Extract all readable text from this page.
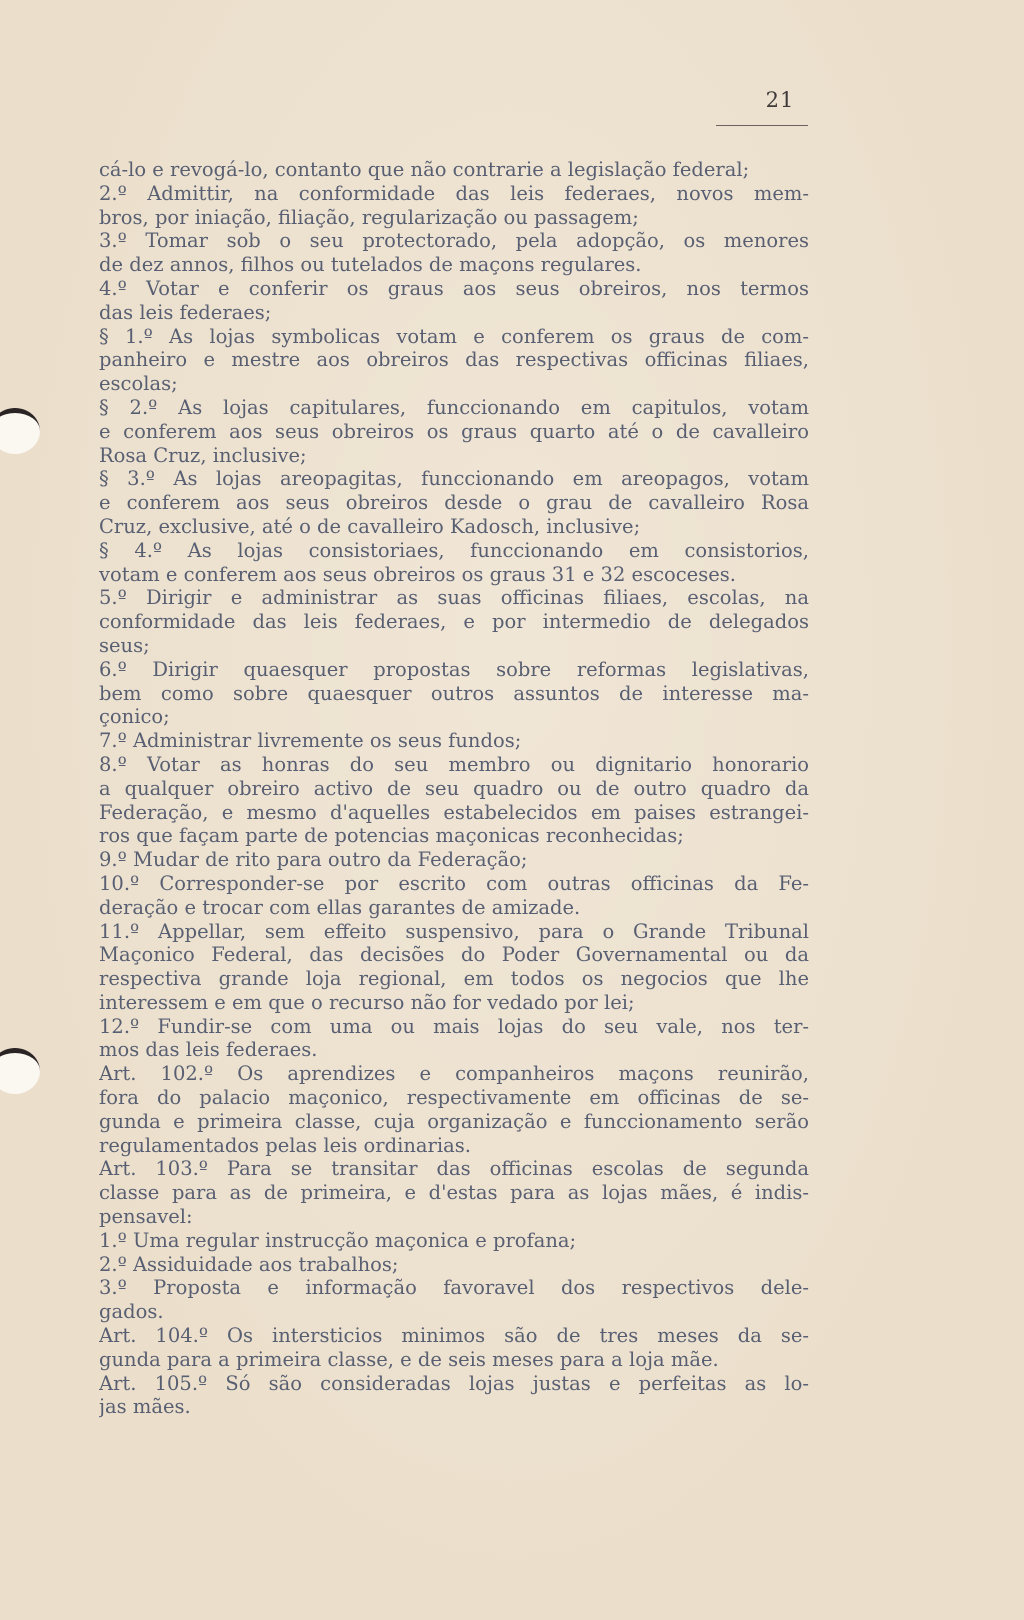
21
cá-lo e revogá-lo, contanto que não contrarie a legislação federal;
2.º Admittir, na conformidade das leis federaes, novos mem-
bros, por iniação, filiação, regularização ou passagem;
3.º Tomar sob o seu protectorado, pela adopção, os menores
de dez annos, filhos ou tutelados de maçons regulares.
4.º Votar e conferir os graus aos seus obreiros, nos termos
das leis federaes;
§ 1.º As lojas symbolicas votam e conferem os graus de com-
panheiro e mestre aos obreiros das respectivas officinas filiaes,
escolas;
§ 2.º As lojas capitulares, funccionando em capitulos, votam
e conferem aos seus obreiros os graus quarto até o de cavalleiro
Rosa Cruz, inclusive;
§ 3.º As lojas areopagitas, funccionando em areopagos, votam
e conferem aos seus obreiros desde o grau de cavalleiro Rosa
Cruz, exclusive, até o de cavalleiro Kadosch, inclusive;
§ 4.º As lojas consistoriaes, funccionando em consistorios,
votam e conferem aos seus obreiros os graus 31 e 32 escoceses.
5.º Dirigir e administrar as suas officinas filiaes, escolas, na
conformidade das leis federaes, e por intermedio de delegados
seus;
6.º Dirigir quaesquer propostas sobre reformas legislativas,
bem como sobre quaesquer outros assuntos de interesse ma-
çonico;
7.º Administrar livremente os seus fundos;
8.º Votar as honras do seu membro ou dignitario honorario
a qualquer obreiro activo de seu quadro ou de outro quadro da
Federação, e mesmo d'aquelles estabelecidos em paises estrangei-
ros que façam parte de potencias maçonicas reconhecidas;
9.º Mudar de rito para outro da Federação;
10.º Corresponder-se por escrito com outras officinas da Fe-
deração e trocar com ellas garantes de amizade.
11.º Appellar, sem effeito suspensivo, para o Grande Tribunal
Maçonico Federal, das decisões do Poder Governamental ou da
respectiva grande loja regional, em todos os negocios que lhe
interessem e em que o recurso não for vedado por lei;
12.º Fundir-se com uma ou mais lojas do seu vale, nos ter-
mos das leis federaes.
Art. 102.º Os aprendizes e companheiros maçons reunirão,
fora do palacio maçonico, respectivamente em officinas de se-
gunda e primeira classe, cuja organização e funccionamento serão
regulamentados pelas leis ordinarias.
Art. 103.º Para se transitar das officinas escolas de segunda
classe para as de primeira, e d'estas para as lojas mães, é indis-
pensavel:
1.º Uma regular instrucção maçonica e profana;
2.º Assiduidade aos trabalhos;
3.º Proposta e informação favoravel dos respectivos dele-
gados.
Art. 104.º Os intersticios minimos são de tres meses da se-
gunda para a primeira classe, e de seis meses para a loja mãe.
Art. 105.º Só são consideradas lojas justas e perfeitas as lo-
jas mães.
